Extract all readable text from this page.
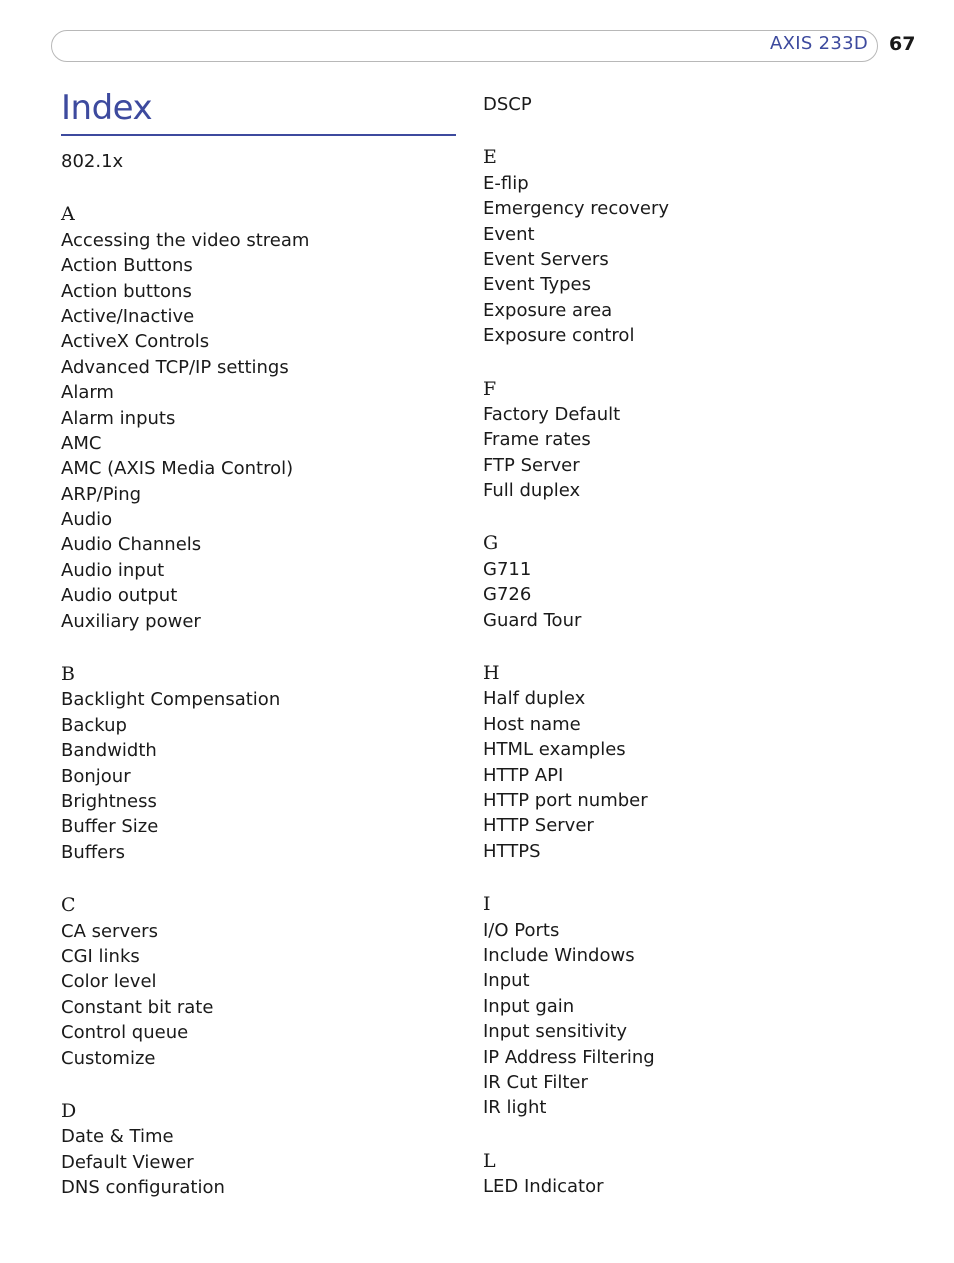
AXIS 233D 67
Index
802.1x
A
Accessing the video stream
Action Buttons
Action buttons
Active/Inactive
ActiveX Controls
Advanced TCP/IP settings
Alarm
Alarm inputs
AMC
AMC (AXIS Media Control)
ARP/Ping
Audio
Audio Channels
Audio input
Audio output
Auxiliary power
B
Backlight Compensation
Backup
Bandwidth
Bonjour
Brightness
Buffer Size
Buffers
C
CA servers
CGI links
Color level
Constant bit rate
Control queue
Customize
D
Date & Time
Default Viewer
DNS configuration
DSCP
E
E-flip
Emergency recovery
Event
Event Servers
Event Types
Exposure area
Exposure control
F
Factory Default
Frame rates
FTP Server
Full duplex
G
G711
G726
Guard Tour
H
Half duplex
Host name
HTML examples
HTTP API
HTTP port number
HTTP Server
HTTPS
I
I/O Ports
Include Windows
Input
Input gain
Input sensitivity
IP Address Filtering
IR Cut Filter
IR light
L
LED Indicator
